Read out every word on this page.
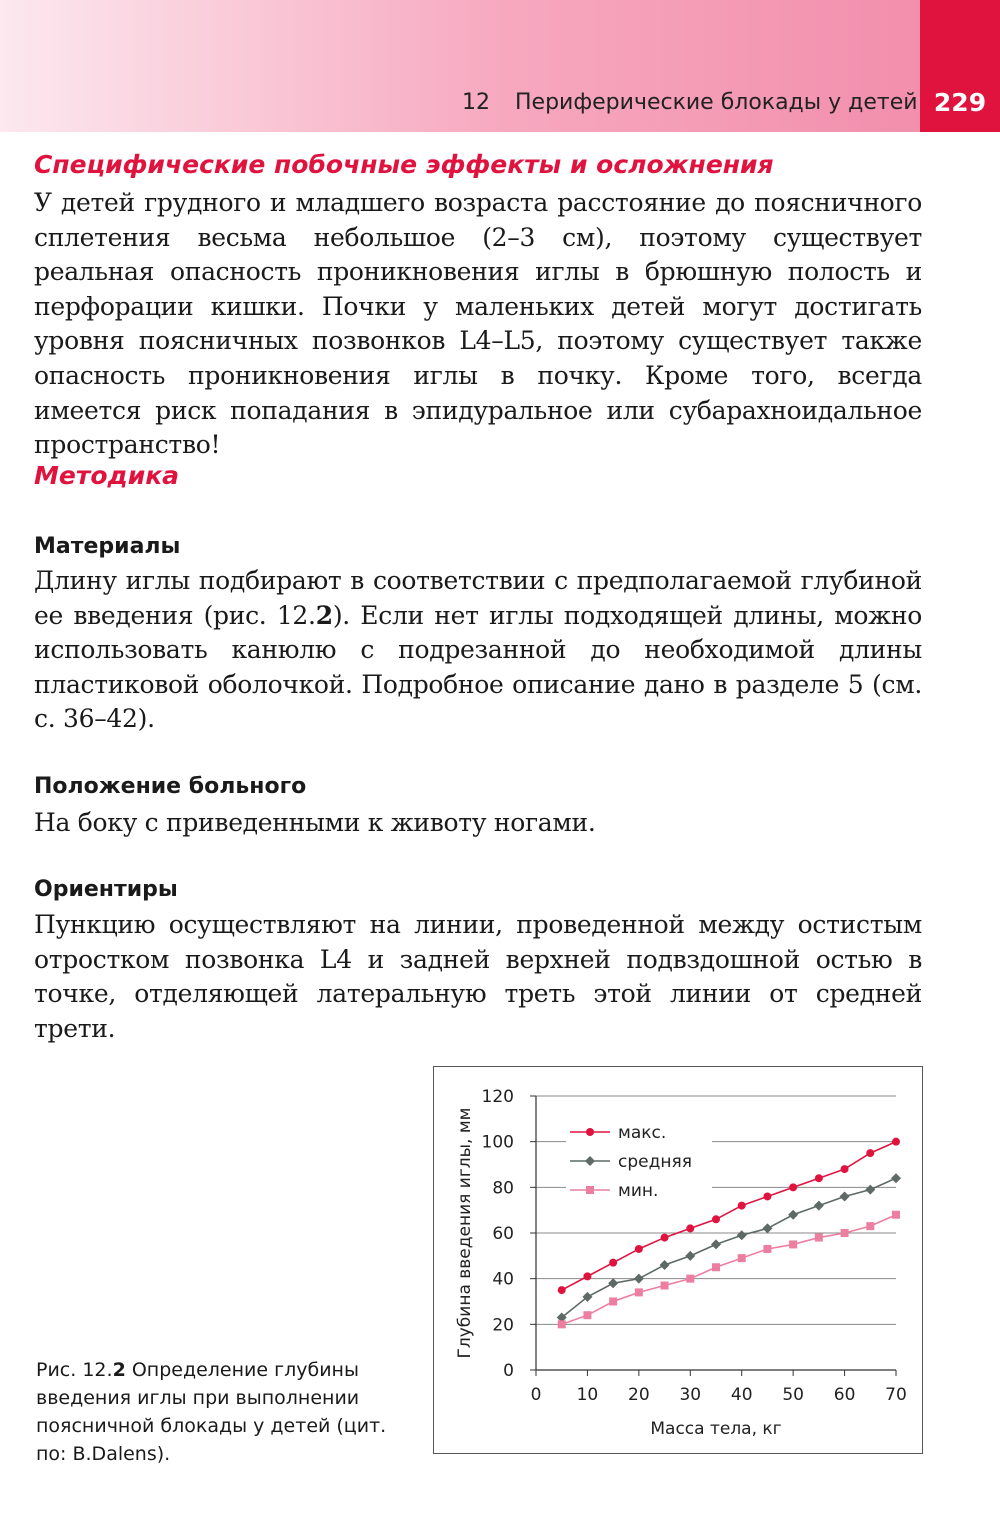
229
12 Периферические блокады у детей
Специфические побочные эффекты и осложнения

У детей грудного и младшего возраста расстояние до поясничного сплетения весьма небольшое (2–3 см), поэтому существует реальная опасность проникновения иглы в брюшную полость и перфорации кишки. Почки у маленьких детей могут достигать уровня поясничных позвонков L4–L5, поэтому существует также опасность проникновения иглы в почку. Кроме того, всегда имеется риск попадания в эпидуральное или субарахноидальное пространство!

Методика
Материалы

Длину иглы подбирают в соответствии с предполагаемой глубиной ее введения (рис. 12.2). Если нет иглы подходящей длины, можно использовать канюлю с подрезанной до необходимой длины пластиковой оболочкой. Подробное описание дано в разделе 5 (см. с. 36–42).

Положение больного

На боку с приведенными к животу ногами.

Ориентиры

Пункцию осуществляют на линии, проведенной между остистым отростком позвонка L4 и задней верхней подвздошной остью в точке, отделяющей латеральную треть этой линии от средней трети.

Рис. 12.2 Определение глубины введения иглы при выполнении поясничной блокады у детей (цит. по: B.Dalens).

0
20
40
60
80
100
120
0 10 20 30 40 50 60 70
Масса тела, кг
Глубина введения иглы, мм	макс.
средняя
мин.
